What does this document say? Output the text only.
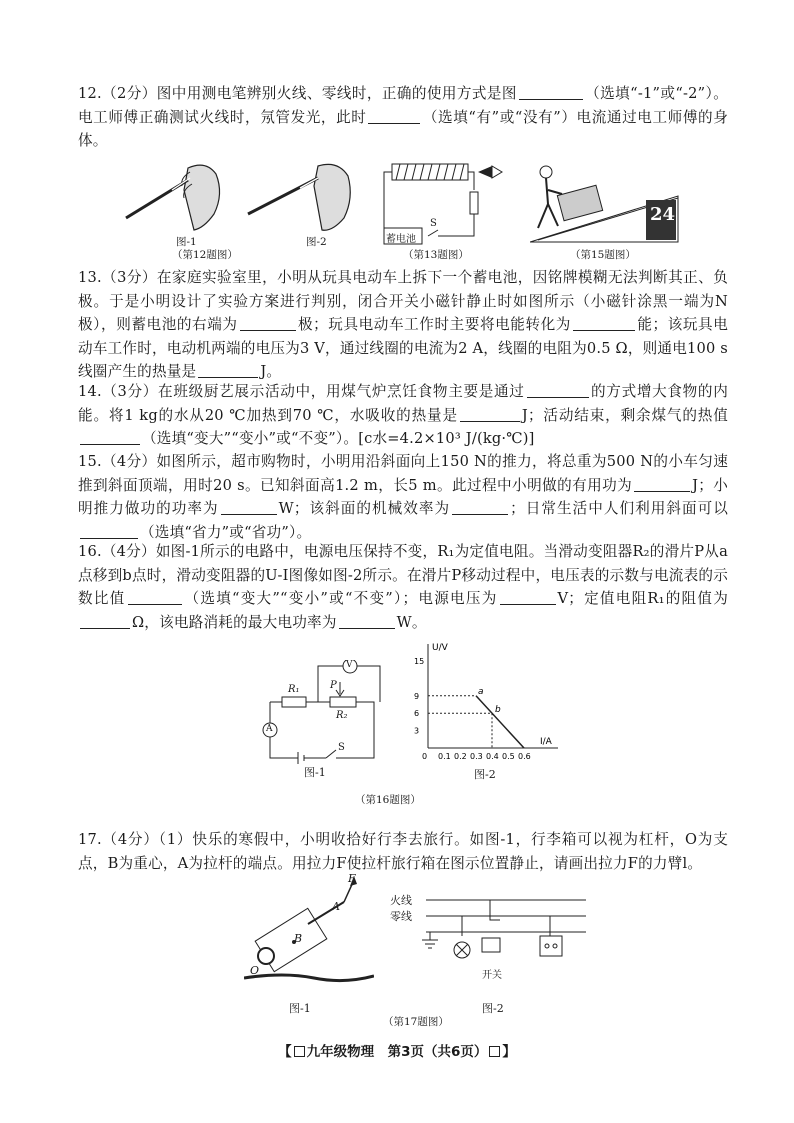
12.（2分）图中用测电笔辨别火线、零线时，正确的使用方式是图	（选填“-1”或“-2”）。电工师傅正确测试火线时，氖管发光，此时	（选填“有”或“没有”）电流通过电工师傅的身体。
图-1	图-2
（第12题图）
蓄电池
S
（第13题图）
24
（第15题图）
13.（3分）在家庭实验室里，小明从玩具电动车上拆下一个蓄电池，因铭牌模糊无法判断其正、负极。于是小明设计了实验方案进行判别，闭合开关小磁针静止时如图所示（小磁针涂黑一端为N极），则蓄电池的右端为	极；玩具电动车工作时主要将电能转化为	能；该玩具电动车工作时，电动机两端的电压为3 V，通过线圈的电流为2 A，线圈的电阻为0.5 Ω，则通电100 s线圈产生的热量是	J。
14.（3分）在班级厨艺展示活动中，用煤气炉烹饪食物主要是通过	的方式增大食物的内能。将1 kg的水从20 ℃加热到70 ℃，水吸收的热量是	J；活动结束，剩余煤气的热值（选填“变大”“变小”或“不变”）。[c水=4.2×10³ J/(kg·℃)]
15.（4分）如图所示，超市购物时，小明用沿斜面向上150 N的推力，将总重为500 N的小车匀速推到斜面顶端，用时20 s。已知斜面高1.2 m，长5 m。此过程中小明做的有用功为	J；小明推力做功的功率为	W；该斜面的机械效率为	；日常生活中人们利用斜面可以（选填“省力”或“省功”）。
16.（4分）如图-1所示的电路中，电源电压保持不变，R₁为定值电阻。当滑动变阻器R₂的滑片P从a点移到b点时，滑动变阻器的U-I图像如图-2所示。在滑片P移动过程中，电压表的示数与电流表的示数比值	（选填“变大”“变小”或“不变”）；电源电压为	V；定值电阻R₁的阻值为Ω，该电路消耗的最大电功率为	W。
A
V
R₁
R₂
P
S
图-1
U/V
I/A
15
9
6
3
0 0.1 0.2 0.3 0.4 0.5 0.6
a
b
图-2
（第16题图）
17.（4分）（1）快乐的寒假中，小明收拾好行李去旅行。如图-1，行李箱可以视为杠杆，O为支点，B为重心，A为拉杆的端点。用拉力F使拉杆旅行箱在图示位置静止，请画出拉力F的力臂l。
F
A
B
O
图-1
火线
零线
开关
图-2
（第17题图）
【 九年级物理　第3页（共6页） 】
